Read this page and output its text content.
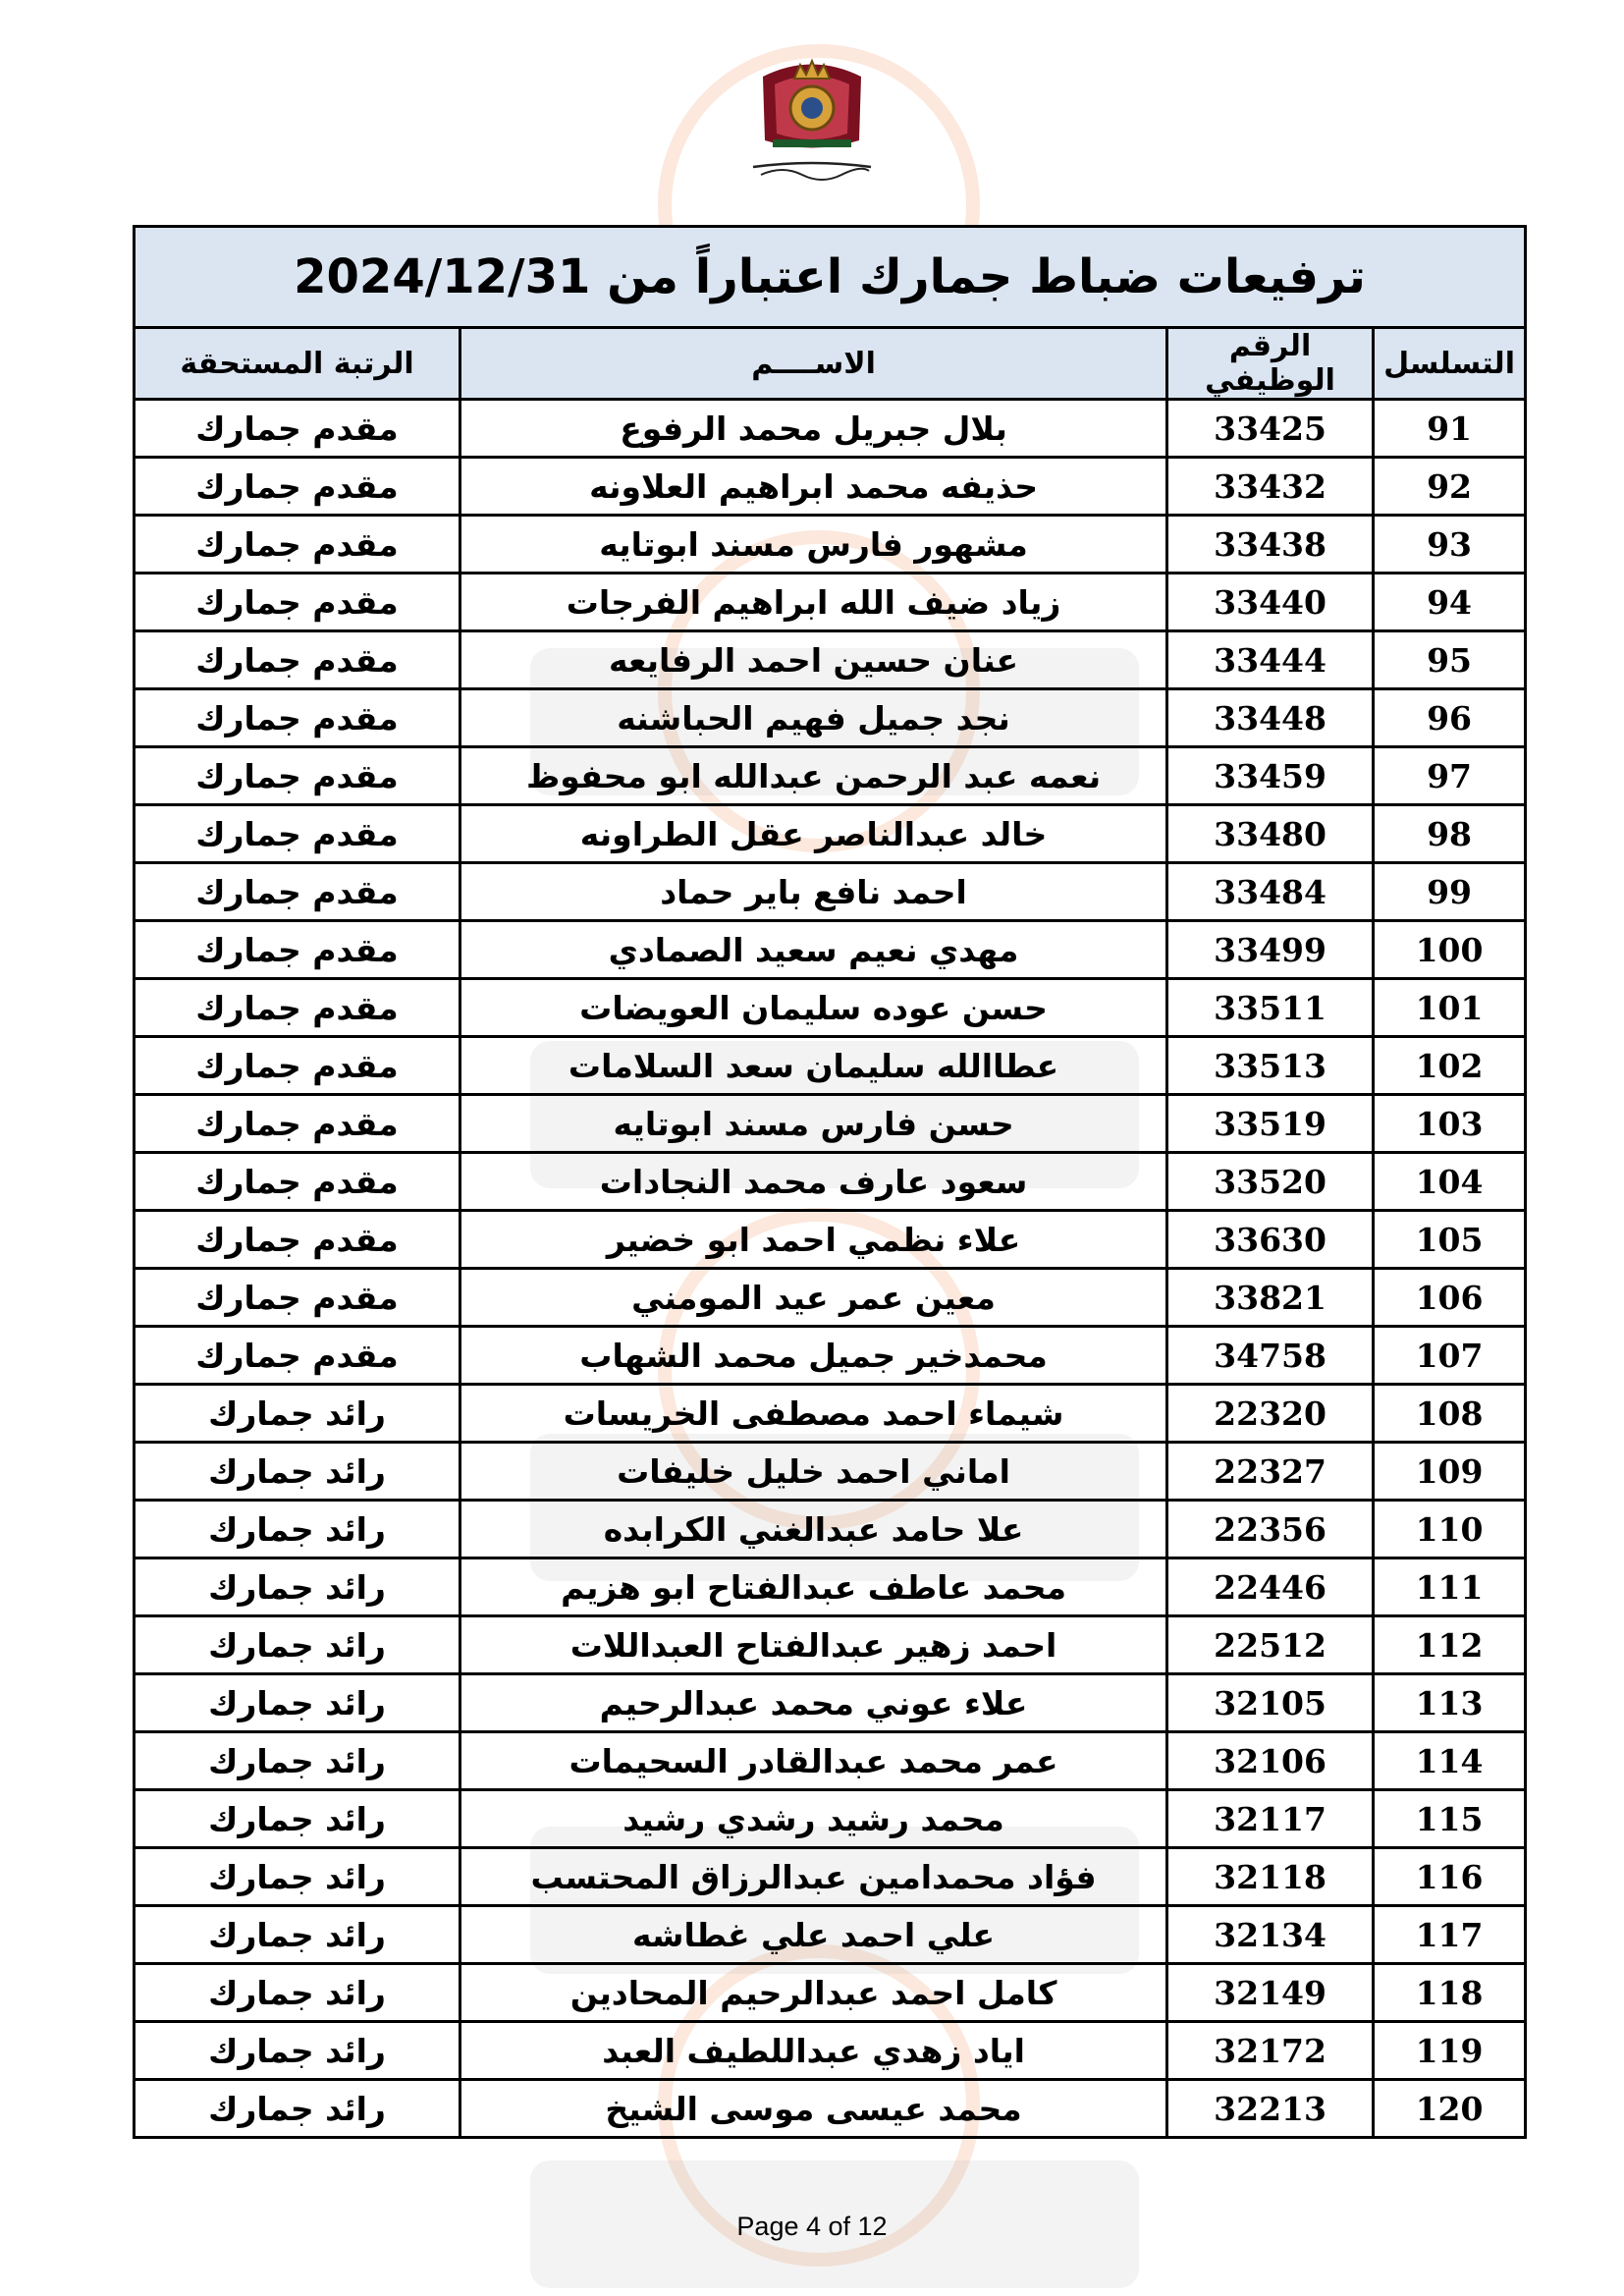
ترفيعات ضباط جمارك اعتباراً من 2024/12/31			
التسلسل	الرقم الوظيفي	الاســــم	الرتبة المستحقة
91	33425	بلال جبريل محمد الرفوع	مقدم جمارك
92	33432	حذيفه محمد ابراهيم العلاونه	مقدم جمارك
93	33438	مشهور فارس مسند ابوتايه	مقدم جمارك
94	33440	زياد ضيف الله ابراهيم الفرجات	مقدم جمارك
95	33444	عنان حسين احمد الرفايعه	مقدم جمارك
96	33448	نجد جميل فهيم الحباشنه	مقدم جمارك
97	33459	نعمه عبد الرحمن عبدالله ابو محفوظ	مقدم جمارك
98	33480	خالد عبدالناصر عقل الطراونه	مقدم جمارك
99	33484	احمد نافع باير حماد	مقدم جمارك
100	33499	مهدي نعيم سعيد الصمادي	مقدم جمارك
101	33511	حسن عوده سليمان العويضات	مقدم جمارك
102	33513	عطاالله سليمان سعد السلامات	مقدم جمارك
103	33519	حسن فارس مسند ابوتايه	مقدم جمارك
104	33520	سعود عارف محمد النجادات	مقدم جمارك
105	33630	علاء نظمي احمد ابو خضير	مقدم جمارك
106	33821	معين عمر عيد المومني	مقدم جمارك
107	34758	محمدخير جميل محمد الشهاب	مقدم جمارك
108	22320	شيماء احمد مصطفى الخريسات	رائد جمارك
109	22327	اماني احمد خليل خليفات	رائد جمارك
110	22356	علا حامد عبدالغني الكرابده	رائد جمارك
111	22446	محمد عاطف عبدالفتاح ابو هزيم	رائد جمارك
112	22512	احمد زهير عبدالفتاح العبداللات	رائد جمارك
113	32105	علاء عوني محمد عبدالرحيم	رائد جمارك
114	32106	عمر محمد عبدالقادر السحيمات	رائد جمارك
115	32117	محمد رشيد رشدي رشيد	رائد جمارك
116	32118	فؤاد محمدامين عبدالرزاق المحتسب	رائد جمارك
117	32134	علي احمد علي غطاشه	رائد جمارك
118	32149	كامل احمد عبدالرحيم المحادين	رائد جمارك
119	32172	اياد زهدي عبداللطيف العبد	رائد جمارك
120	32213	محمد عيسى موسى الشيخ	رائد جمارك
Page 4 of 12
